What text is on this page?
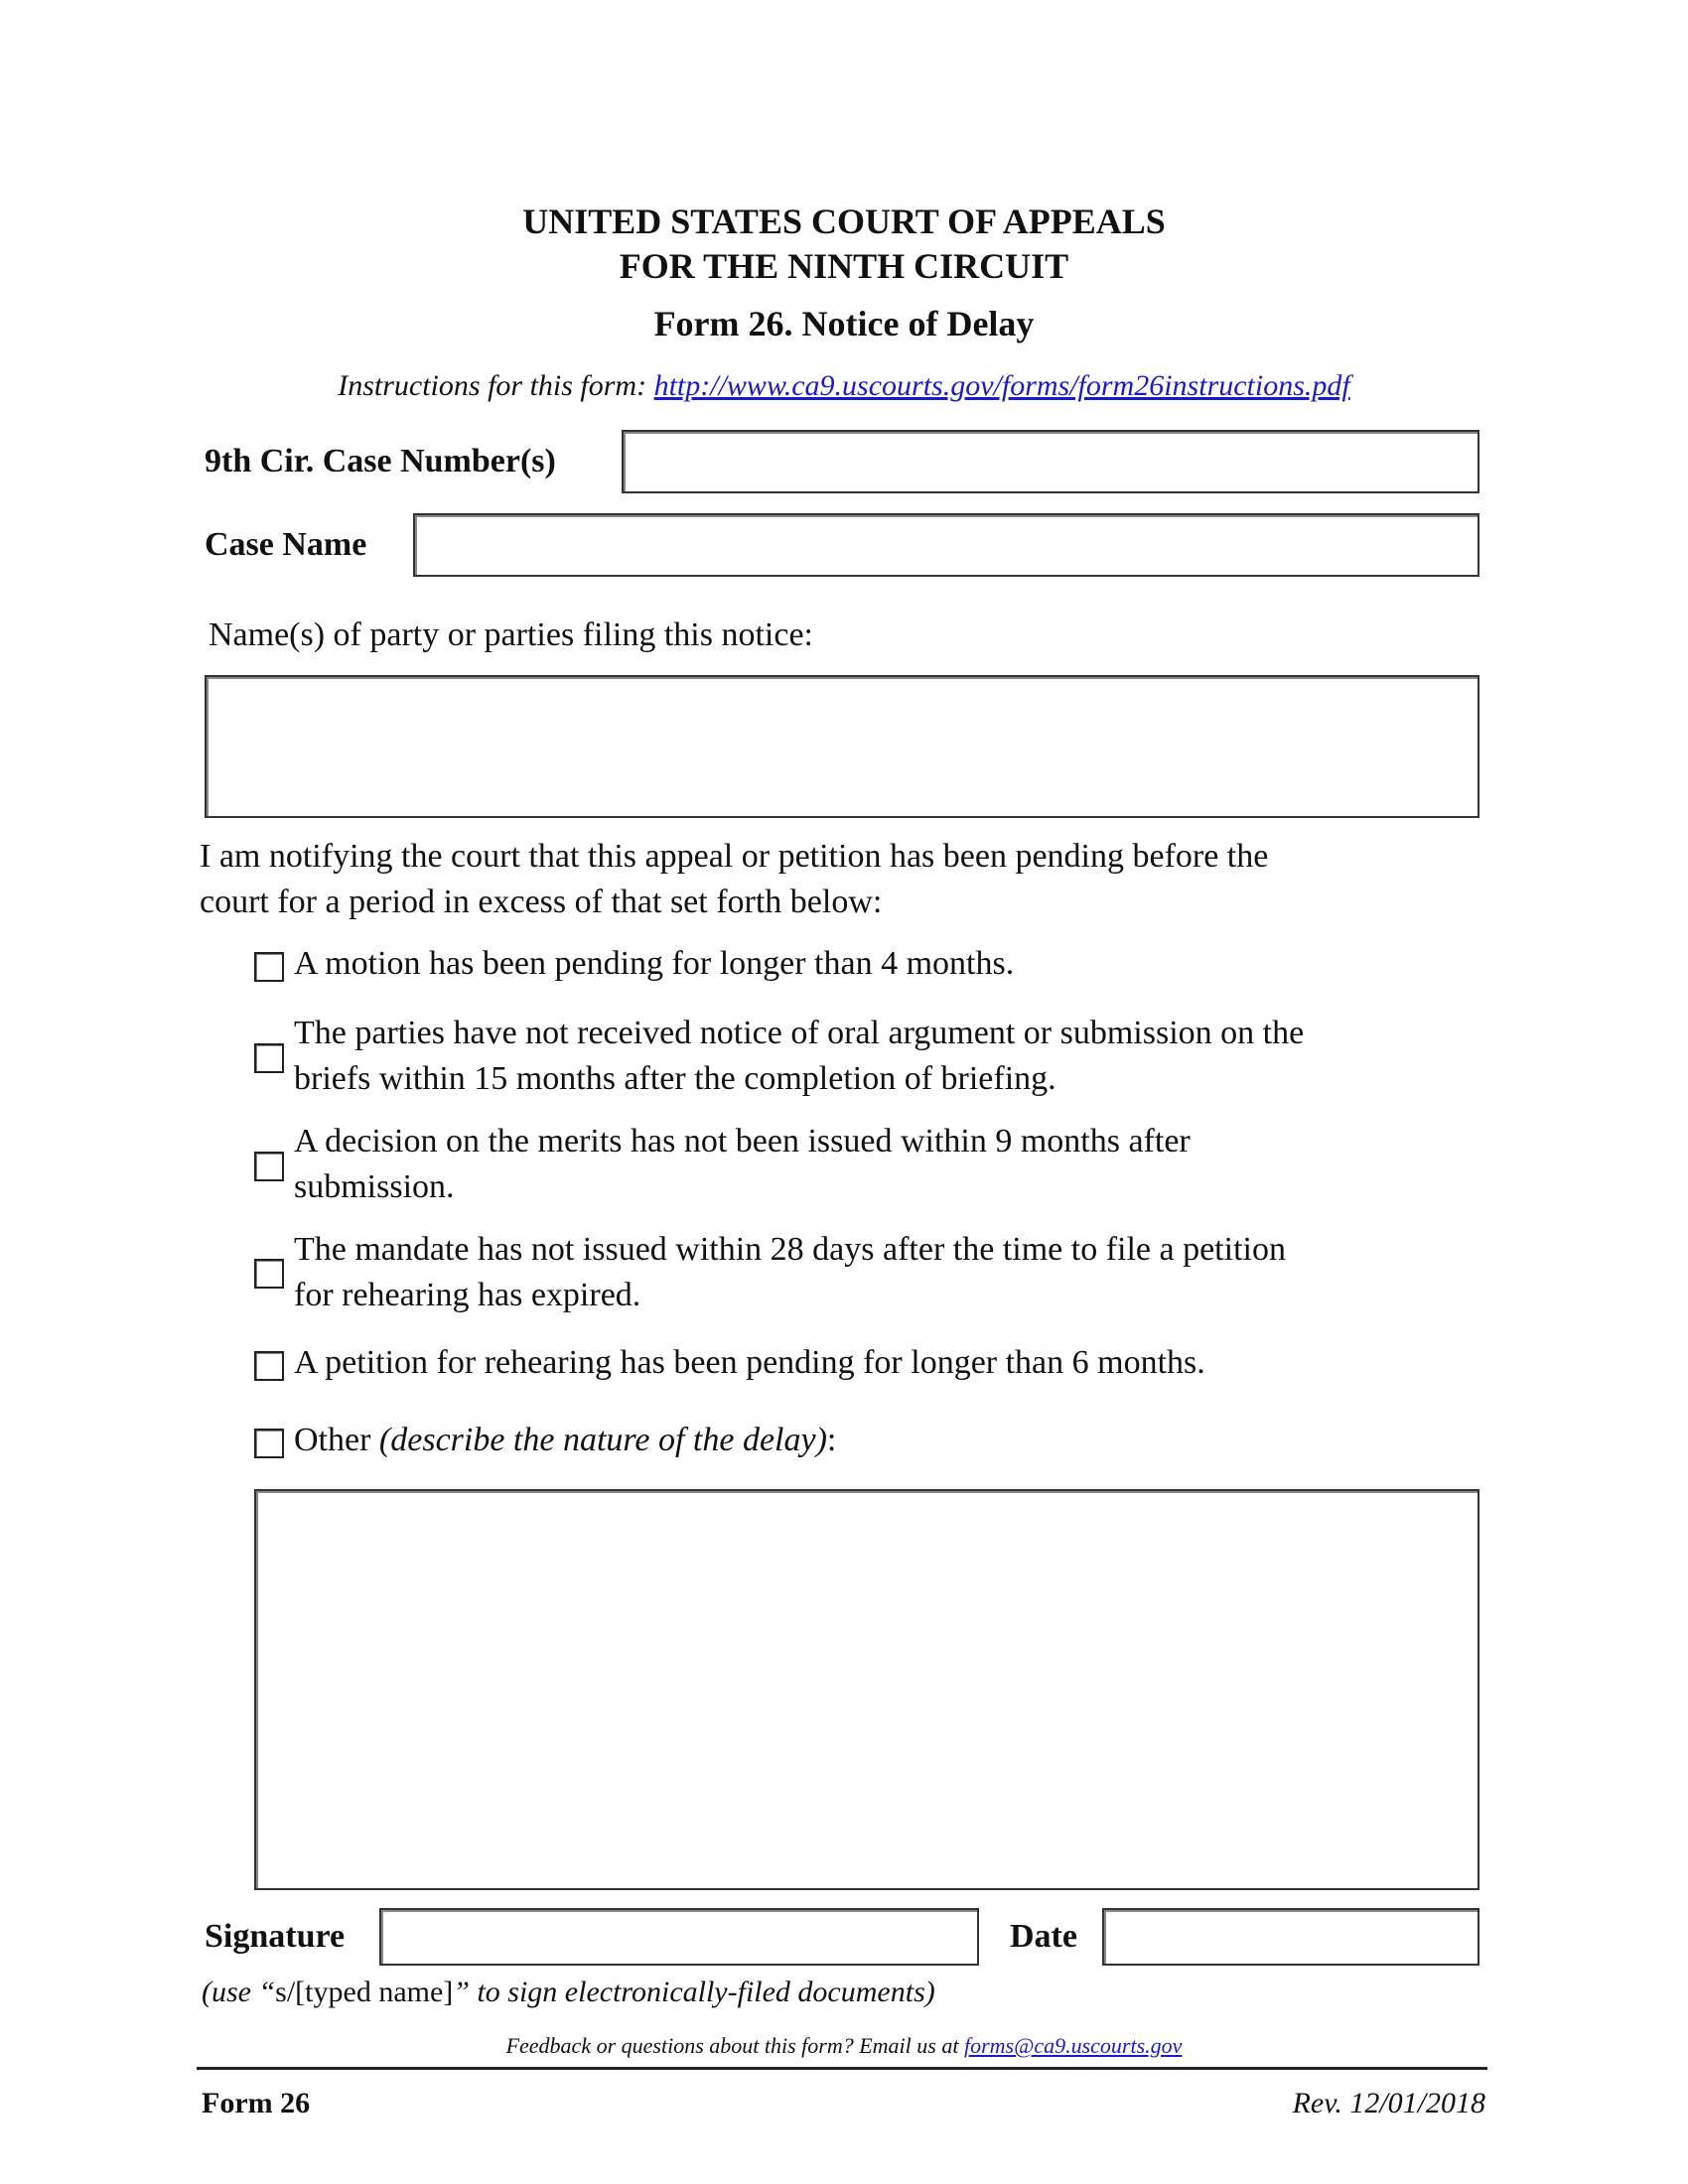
UNITED STATES COURT OF APPEALS
FOR THE NINTH CIRCUIT
Form 26. Notice of Delay
Instructions for this form: http://www.ca9.uscourts.gov/forms/form26instructions.pdf
9th Cir. Case Number(s)
Case Name
Name(s) of party or parties filing this notice:
I am notifying the court that this appeal or petition has been pending before the
court for a period in excess of that set forth below:
A motion has been pending for longer than 4 months.
The parties have not received notice of oral argument or submission on the
briefs within 15 months after the completion of briefing.
A decision on the merits has not been issued within 9 months after
submission.
The mandate has not issued within 28 days after the time to file a petition
for rehearing has expired.
A petition for rehearing has been pending for longer than 6 months.
Other (describe the nature of the delay):
Signature	Date
(use “s/[typed name]” to sign electronically-filed documents)
Feedback or questions about this form? Email us at forms@ca9.uscourts.gov
Form 26	Rev. 12/01/2018
